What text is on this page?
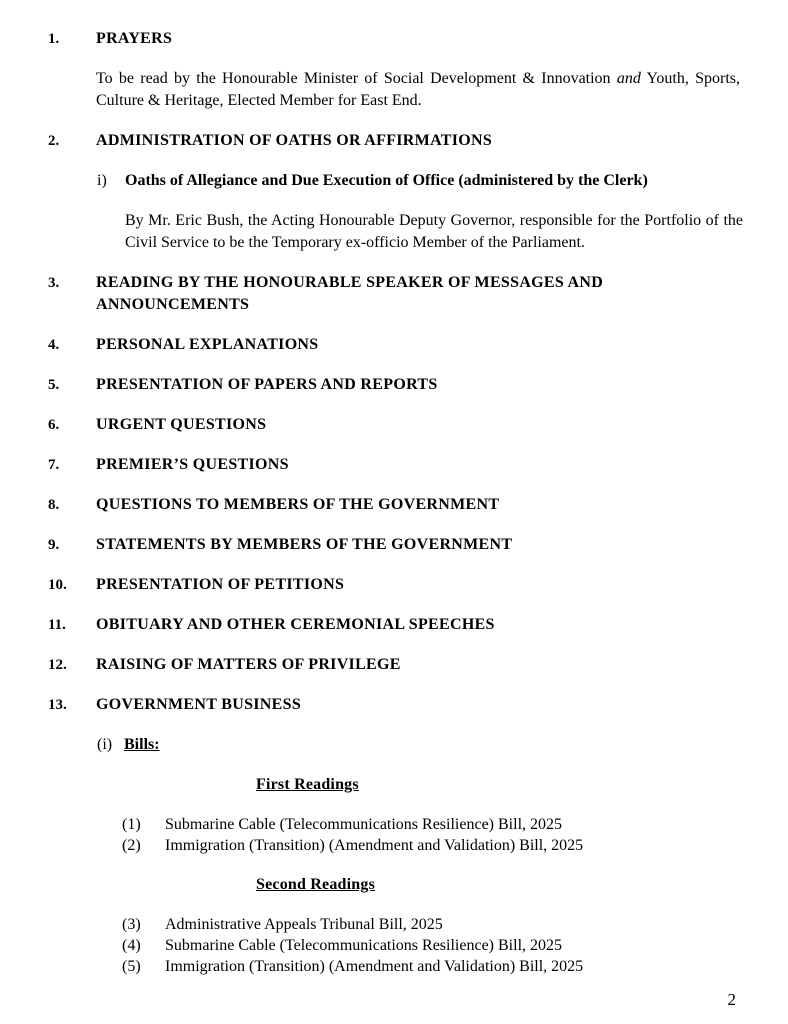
1.	PRAYERS
To be read by the Honourable Minister of Social Development & Innovation and Youth, Sports, Culture & Heritage, Elected Member for East End.
2.	ADMINISTRATION OF OATHS OR AFFIRMATIONS
i)	Oaths of Allegiance and Due Execution of Office (administered by the Clerk)
By Mr. Eric Bush, the Acting Honourable Deputy Governor, responsible for the Portfolio of the Civil Service to be the Temporary ex-officio Member of the Parliament.
3.	READING BY THE HONOURABLE SPEAKER OF MESSAGES AND ANNOUNCEMENTS
4.	PERSONAL EXPLANATIONS
5.	PRESENTATION OF PAPERS AND REPORTS
6.	URGENT QUESTIONS
7.	PREMIER’S QUESTIONS
8.	QUESTIONS TO MEMBERS OF THE GOVERNMENT
9.	STATEMENTS BY MEMBERS OF THE GOVERNMENT
10.	PRESENTATION OF PETITIONS
11.	OBITUARY AND OTHER CEREMONIAL SPEECHES
12.	RAISING OF MATTERS OF PRIVILEGE
13.	GOVERNMENT BUSINESS
(i) Bills:
First Readings
(1)	Submarine Cable (Telecommunications Resilience) Bill, 2025
(2)	Immigration (Transition) (Amendment and Validation) Bill, 2025
Second Readings
(3)	Administrative Appeals Tribunal Bill, 2025
(4)	Submarine Cable (Telecommunications Resilience) Bill, 2025
(5)	Immigration (Transition) (Amendment and Validation) Bill, 2025
2
